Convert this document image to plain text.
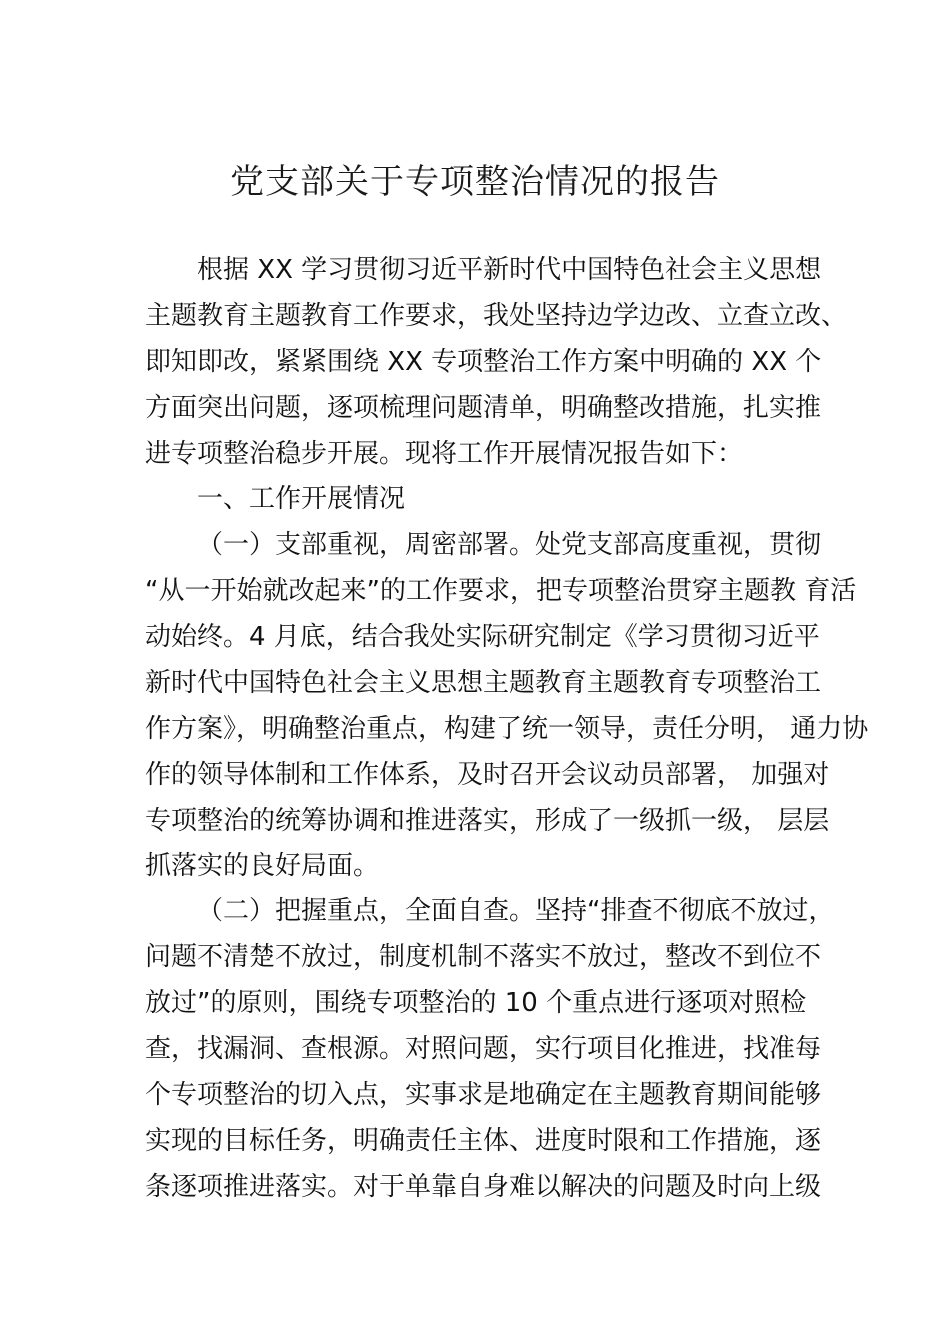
党支部关于专项整治情况的报告
根据 XX 学习贯彻习近平新时代中国特色社会主义思想
主题教育主题教育工作要求，我处坚持边学边改、立查立改、
即知即改，紧紧围绕 XX 专项整治工作方案中明确的 XX 个
方面突出问题，逐项梳理问题清单，明确整改措施，扎实推
进专项整治稳步开展。现将工作开展情况报告如下：
一、工作开展情况
（一）支部重视，周密部署。处党支部高度重视，贯彻
“从一开始就改起来”的工作要求，把专项整治贯穿主题教 育活
动始终。4 月底，结合我处实际研究制定《学习贯彻习近平
新时代中国特色社会主义思想主题教育主题教育专项整治工
作方案》，明确整治重点，构建了统一领导，责任分明， 通力协
作的领导体制和工作体系，及时召开会议动员部署， 加强对
专项整治的统筹协调和推进落实，形成了一级抓一级， 层层
抓落实的良好局面。
（二）把握重点，全面自查。坚持“排查不彻底不放过，
问题不清楚不放过，制度机制不落实不放过，整改不到位不
放过”的原则，围绕专项整治的 10 个重点进行逐项对照检
查，找漏洞、查根源。对照问题，实行项目化推进，找准每
个专项整治的切入点，实事求是地确定在主题教育期间能够
实现的目标任务，明确责任主体、进度时限和工作措施，逐
条逐项推进落实。对于单靠自身难以解决的问题及时向上级
